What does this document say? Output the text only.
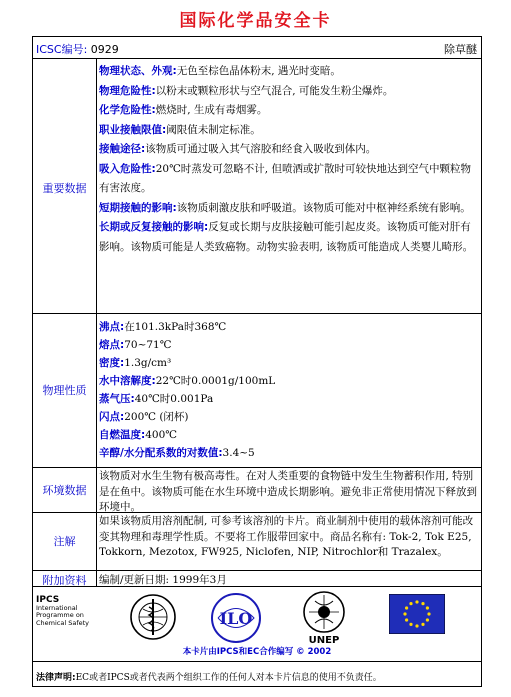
国际化学品安全卡
ICSC编号: 0929	除草醚
重要数据
物理性质
环境数据
注解
附加资料

物理状态、外观:无色至棕色晶体粉末, 遇光时变暗。

物理危险性:以粉末或颗粒形状与空气混合, 可能发生粉尘爆炸。

化学危险性:燃烧时, 生成有毒烟雾。

职业接触限值:阈限值未制定标准。

接触途径:该物质可通过吸入其气溶胶和经食入吸收到体内。

吸入危险性:20℃时蒸发可忽略不计, 但喷洒或扩散时可较快地达到空气中颗粒物有害浓度。

短期接触的影响:该物质刺激皮肤和呼吸道。该物质可能对中枢神经系统有影响。

长期或反复接触的影响:反复或长期与皮肤接触可能引起皮炎。该物质可能对肝有影响。该物质可能是人类致癌物。动物实验表明, 该物质可能造成人类婴儿畸形。

沸点:在101.3kPa时368℃
熔点:70~71℃
密度:1.3g/cm³
水中溶解度:22℃时0.0001g/100mL
蒸气压:40℃时0.001Pa
闪点:200℃ (闭杯)
自燃温度:400℃
辛醇/水分配系数的对数值:3.4~5
该物质对水生生物有极高毒性。在对人类重要的食物链中发生生物蓄积作用, 特别是在鱼中。该物质可能在水生环境中造成长期影响。避免非正常使用情况下释放到环境中。
如果该物质用溶剂配制, 可参考该溶剂的卡片。商业制剂中使用的载体溶剂可能改变其物理和毒理学性质。不要将工作服带回家中。商品名称有: Tok-2, Tok E25, Tokkorn, Mezotox, FW925, Niclofen, NIP, Nitrochlor和 Trazalex。
编制/更新日期: 1999年3月
IPCS
International
Programme on
Chemical Safety	ILO
UNEP
本卡片由IPCS和EC合作编写 © 2002
法律声明:EC或者IPCS或者代表两个组织工作的任何人对本卡片信息的使用不负责任。
